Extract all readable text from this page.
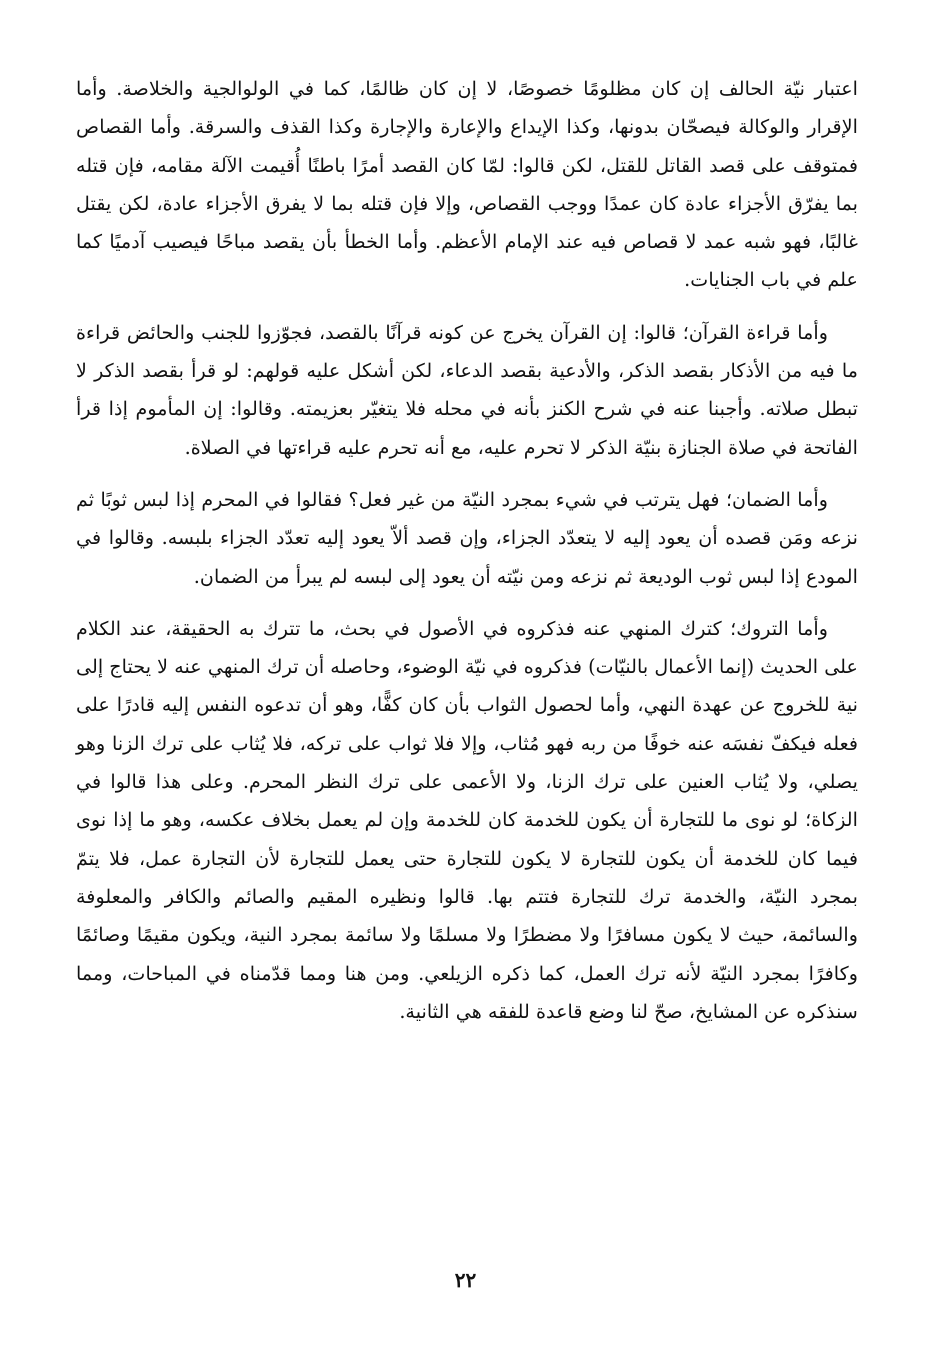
اعتبار نيّة الحالف إن كان مظلومًا خصوصًا، لا إن كان ظالمًا، كما في الولوالجية والخلاصة. وأما الإقرار والوكالة فيصحّان بدونها، وكذا الإيداع والإعارة والإجارة وكذا القذف والسرقة. وأما القصاص فمتوقف على قصد القاتل للقتل، لكن قالوا: لمّا كان القصد أمرًا باطنًا أُقيمت الآلة مقامه، فإن قتله بما يفرّق الأجزاء عادة كان عمدًا ووجب القصاص، وإلا فإن قتله بما لا يفرق الأجزاء عادة، لكن يقتل غالبًا، فهو شبه عمد لا قصاص فيه عند الإمام الأعظم. وأما الخطأ بأن يقصد مباحًا فيصيب آدميًا كما علم في باب الجنايات.

وأما قراءة القرآن؛ قالوا: إن القرآن يخرج عن كونه قرآنًا بالقصد، فجوّزوا للجنب والحائض قراءة ما فيه من الأذكار بقصد الذكر، والأدعية بقصد الدعاء، لكن أشكل عليه قولهم: لو قرأ بقصد الذكر لا تبطل صلاته. وأجبنا عنه في شرح الكنز بأنه في محله فلا يتغيّر بعزيمته. وقالوا: إن المأموم إذا قرأ الفاتحة في صلاة الجنازة بنيّة الذكر لا تحرم عليه، مع أنه تحرم عليه قراءتها في الصلاة.

وأما الضمان؛ فهل يترتب في شيء بمجرد النيّة من غير فعل؟ فقالوا في المحرم إذا لبس ثوبًا ثم نزعه ومَن قصده أن يعود إليه لا يتعدّد الجزاء، وإن قصد ألاّ يعود إليه تعدّد الجزاء بلبسه. وقالوا في المودع إذا لبس ثوب الوديعة ثم نزعه ومن نيّته أن يعود إلى لبسه لم يبرأ من الضمان.

وأما التروك؛ كترك المنهي عنه فذكروه في الأصول في بحث، ما تترك به الحقيقة، عند الكلام على الحديث (إنما الأعمال بالنيّات) فذكروه في نيّة الوضوء، وحاصله أن ترك المنهي عنه لا يحتاج إلى نية للخروج عن عهدة النهي، وأما لحصول الثواب بأن كان كفًّا، وهو أن تدعوه النفس إليه قادرًا على فعله فيكفّ نفسَه عنه خوفًا من ربه فهو مُثاب، وإلا فلا ثواب على تركه، فلا يُثاب على ترك الزنا وهو يصلي، ولا يُثاب العنين على ترك الزنا، ولا الأعمى على ترك النظر المحرم. وعلى هذا قالوا في الزكاة؛ لو نوى ما للتجارة أن يكون للخدمة كان للخدمة وإن لم يعمل بخلاف عكسه، وهو ما إذا نوى فيما كان للخدمة أن يكون للتجارة لا يكون للتجارة حتى يعمل للتجارة لأن التجارة عمل، فلا يتمّ بمجرد النيّة، والخدمة ترك للتجارة فتتم بها. قالوا ونظيره المقيم والصائم والكافر والمعلوفة والسائمة، حيث لا يكون مسافرًا ولا مضطرًا ولا مسلمًا ولا سائمة بمجرد النية، ويكون مقيمًا وصائمًا وكافرًا بمجرد النيّة لأنه ترك العمل، كما ذكره الزيلعي. ومن هنا ومما قدّمناه في المباحات، ومما سنذكره عن المشايخ، صحّ لنا وضع قاعدة للفقه هي الثانية.

٢٢
